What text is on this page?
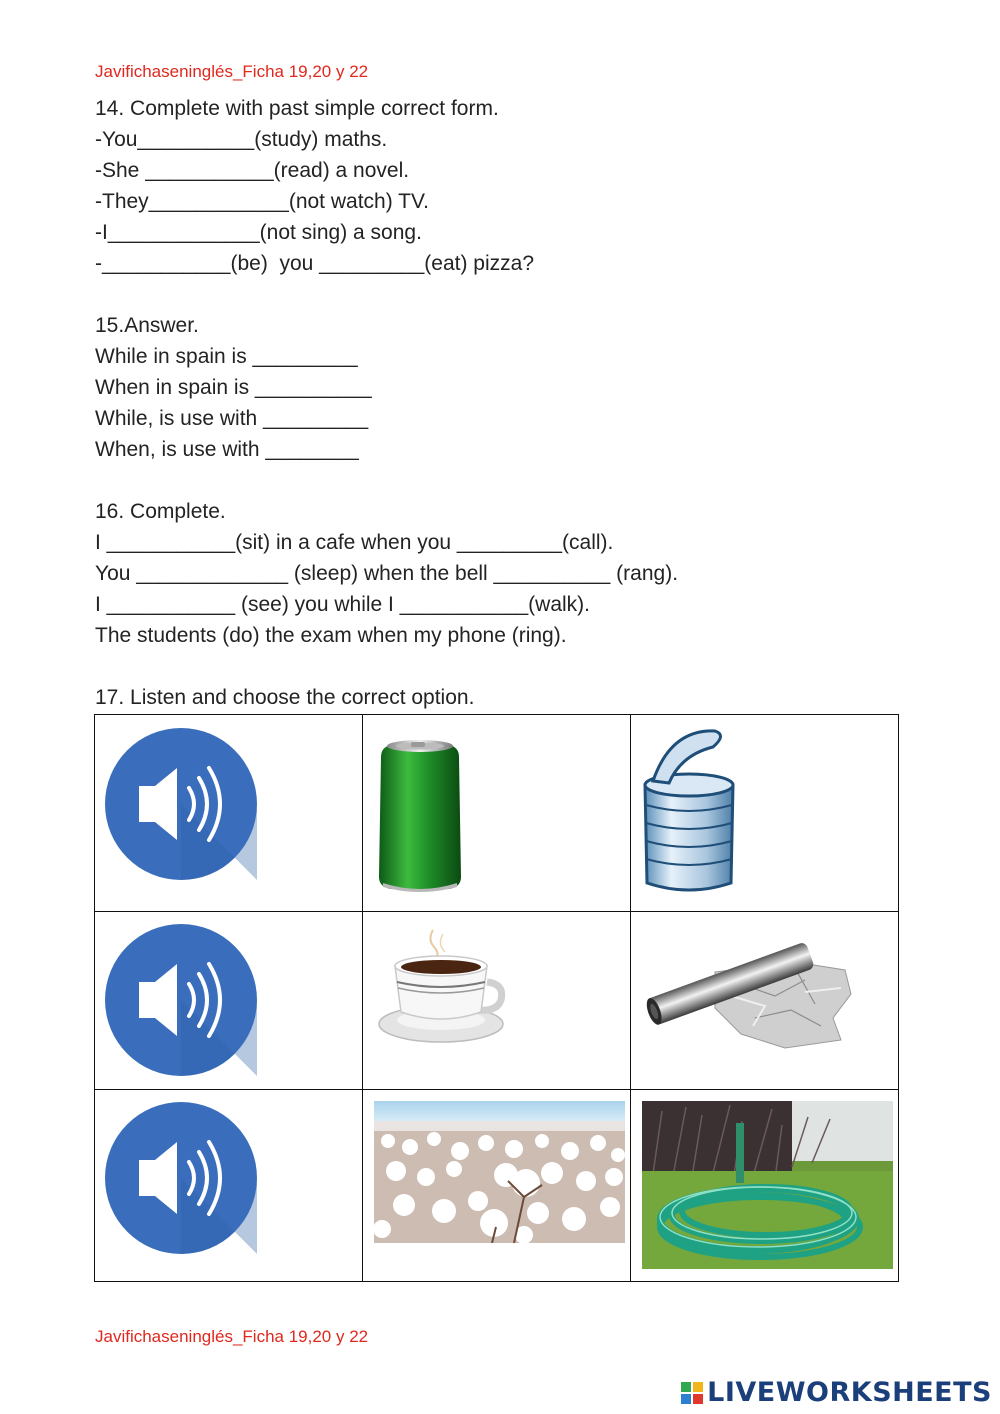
Javifichaseninglés_Ficha 19,20 y 22
14. Complete with past simple correct form.
-You__________(study) maths.
-She ___________(read) a novel.
-They____________(not watch) TV.
-I_____________(not sing) a song.
-___________(be)  you _________(eat) pizza?
15.Answer.
While in spain is _________
When in spain is __________
While, is use with _________
When, is use with ________
16. Complete.
I ___________(sit) in a cafe when you _________(call).
You _____________ (sleep) when the bell __________ (rang).
I ___________ (see) you while I ___________(walk).
The students (do) the exam when my phone (ring).
17. Listen and choose the correct option.

Javifichaseninglés_Ficha 19,20 y 22
LIVEWORKSHEETS
